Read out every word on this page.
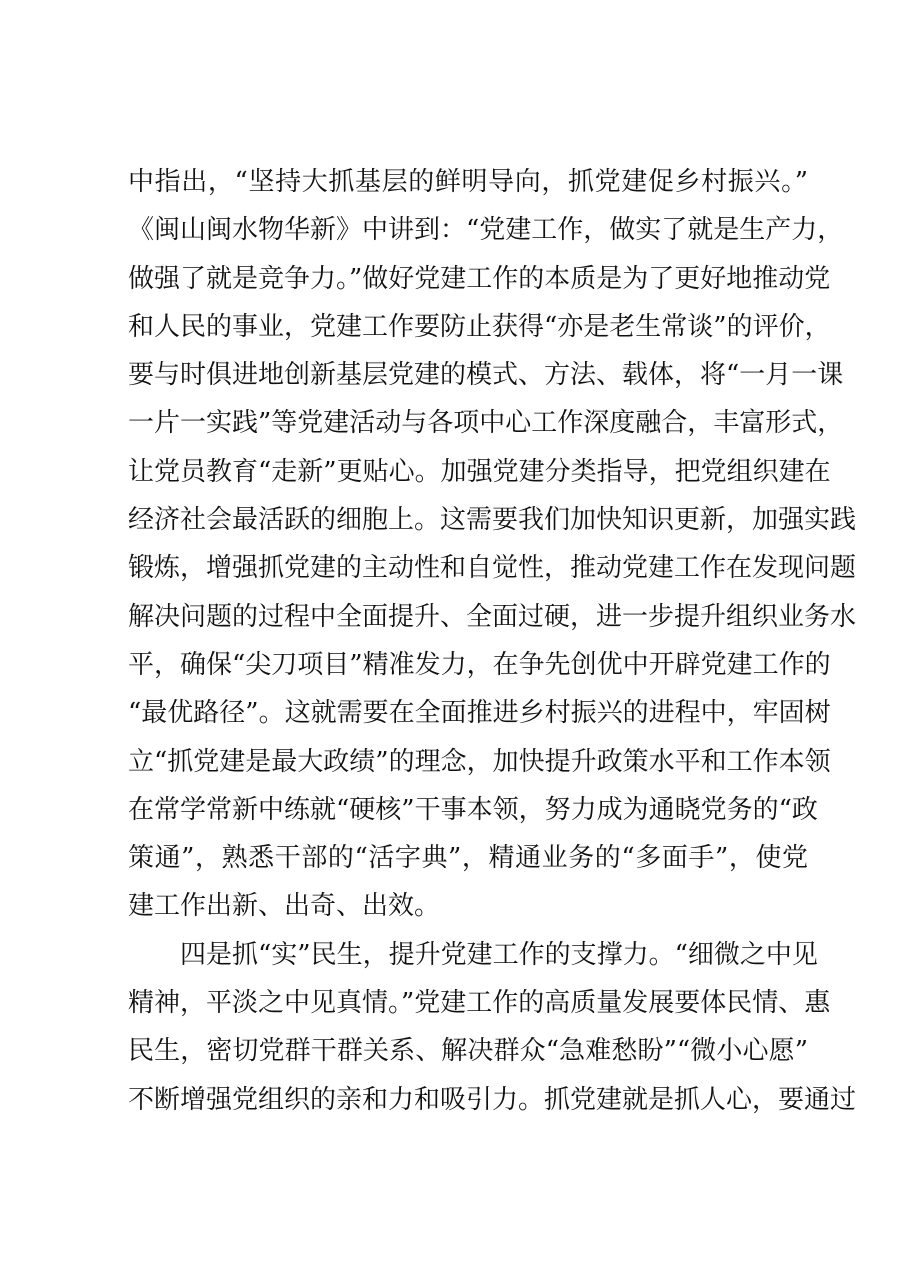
中指出，“坚持大抓基层的鲜明导向，抓党建促乡村振兴。”
《闽山闽水物华新》中讲到：“党建工作，做实了就是生产力，
做强了就是竞争力。”做好党建工作的本质是为了更好地推动党
和人民的事业，党建工作要防止获得“亦是老生常谈”的评价，
要与时俱进地创新基层党建的模式、方法、载体，将“一月一课
一片一实践”等党建活动与各项中心工作深度融合，丰富形式，
让党员教育“走新”更贴心。加强党建分类指导，把党组织建在
经济社会最活跃的细胞上。这需要我们加快知识更新，加强实践
锻炼，增强抓党建的主动性和自觉性，推动党建工作在发现问题
解决问题的过程中全面提升、全面过硬，进一步提升组织业务水
平，确保“尖刀项目”精准发力，在争先创优中开辟党建工作的
“最优路径”。这就需要在全面推进乡村振兴的进程中，牢固树
立“抓党建是最大政绩”的理念，加快提升政策水平和工作本领
在常学常新中练就“硬核”干事本领，努力成为通晓党务的“政
策通”，熟悉干部的“活字典”，精通业务的“多面手”，使党
建工作出新、出奇、出效。
四是抓“实”民生，提升党建工作的支撑力。“细微之中见
精神，平淡之中见真情。”党建工作的高质量发展要体民情、惠
民生，密切党群干群关系、解决群众“急难愁盼”“微小心愿”
不断增强党组织的亲和力和吸引力。抓党建就是抓人心，要通过
